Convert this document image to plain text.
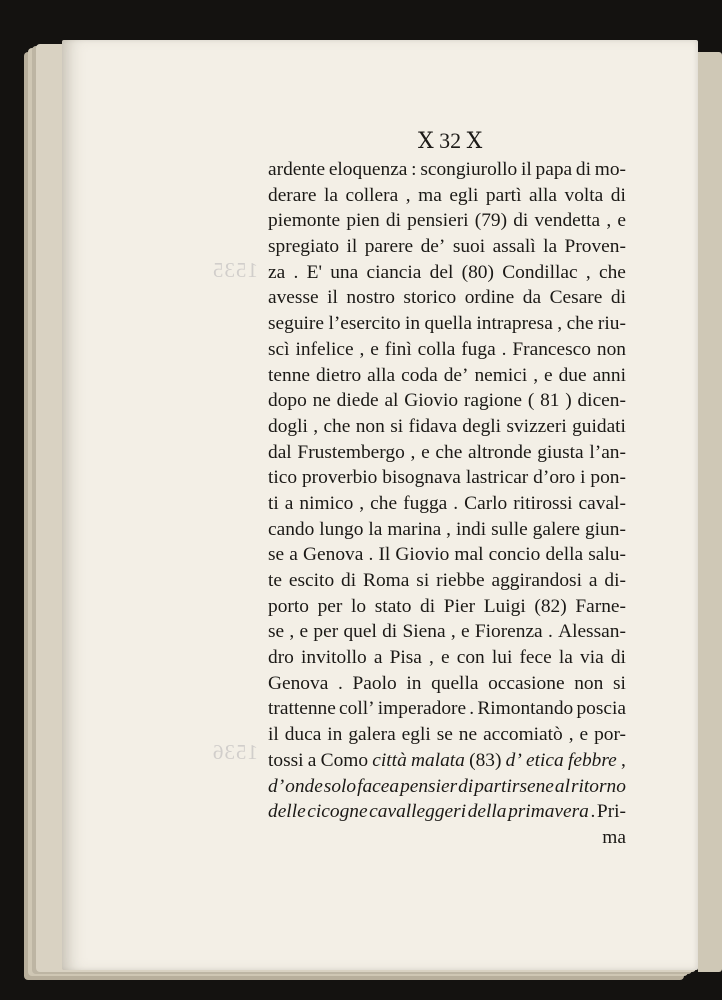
1535
1536
Ⅹ 32 Ⅹ
ardente eloquenza : scongiurollo il papa di mo-
derare la collera , ma egli partì alla volta di
piemonte pien di pensieri (79) di vendetta , e
spregiato il parere de’ suoi assalì la Proven-
za . E' una ciancia del (80) Condillac , che
avesse il nostro storico ordine da Cesare di
seguire l’esercito in quella intrapresa , che riu-
scì infelice , e finì colla fuga . Francesco non
tenne dietro alla coda de’ nemici , e due anni
dopo ne diede al Giovio ragione ( 81 ) dicen-
dogli , che non si fidava degli svizzeri guidati
dal Frustembergo , e che altronde giusta l’an-
tico proverbio bisognava lastricar d’oro i pon-
ti a nimico , che fugga . Carlo ritirossi caval-
cando lungo la marina , indi sulle galere giun-
se a Genova . Il Giovio mal concio della salu-
te escito di Roma si riebbe aggirandosi a di-
porto per lo stato di Pier Luigi (82) Farne-
se , e per quel di Siena , e Fiorenza . Alessan-
dro invitollo a Pisa , e con lui fece la via di
Genova . Paolo in quella occasione non si
trattenne coll’ imperadore . Rimontando poscia
il duca in galera egli se ne accomiatò , e por-
tossi a Como città malata (83) d’ etica febbre ,
d’ onde solo facea pensier di partirsene al ritorno
delle cicogne cavalleggeri della primavera . Pri-
ma
